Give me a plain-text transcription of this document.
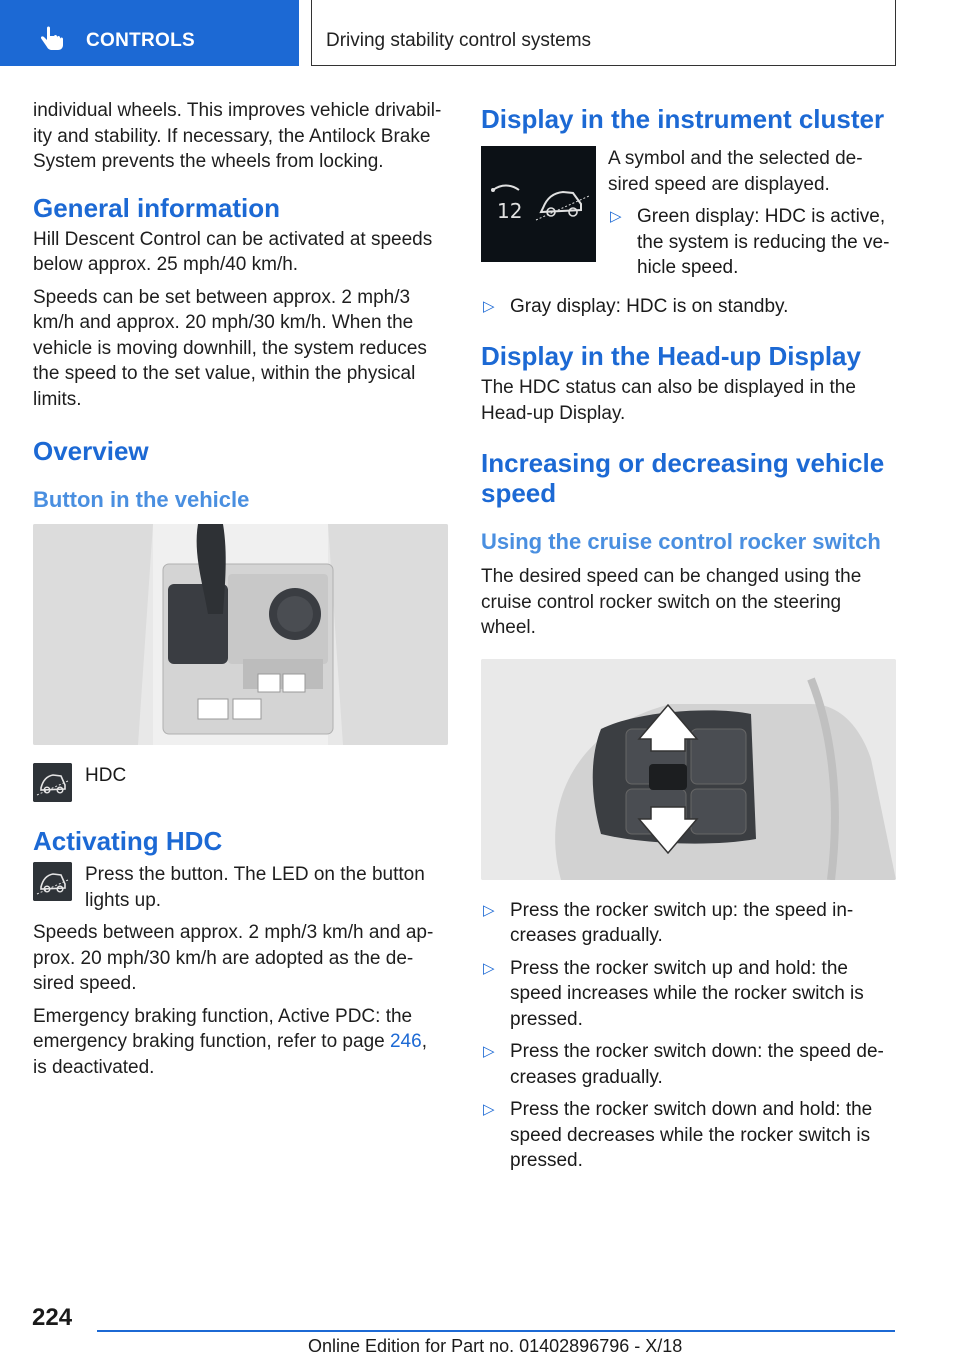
CONTROLS	Driving stability control systems

individual wheels. This improves vehicle drivabil-ity and stability. If necessary, the Antilock Brake System prevents the wheels from locking.

General information

Hill Descent Control can be activated at speeds below approx. 25 mph/40 km/h.

Speeds can be set between approx. 2 mph/3 km/h and approx. 20 mph/30 km/h. When the vehicle is moving downhill, the system reduces the speed to the set value, within the physical limits.

Overview
Button in the vehicle
HDC
Activating HDC

Press the button. The LED on the button lights up.

Speeds between approx. 2 mph/3 km/h and ap-prox. 20 mph/30 km/h are adopted as the de-sired speed.

Emergency braking function, Active PDC: the emergency braking function, refer to page 246,
is deactivated.

Display in the instrument cluster
12

A symbol and the selected de-sired speed are displayed.

▷ Green display: HDC is active, the system is reducing the ve-hicle speed.
▷ Gray display: HDC is on standby.
Display in the Head-up Display

The HDC status can also be displayed in the Head-up Display.

Increasing or decreasing vehicle speed
Using the cruise control rocker switch

The desired speed can be changed using the cruise control rocker switch on the steering wheel.

▷ Press the rocker switch up: the speed in-creases gradually.
▷ Press the rocker switch up and hold: the speed increases while the rocker switch is pressed.
▷ Press the rocker switch down: the speed de-creases gradually.
▷ Press the rocker switch down and hold: the speed decreases while the rocker switch is pressed.
224
Online Edition for Part no. 01402896796 - X/18
